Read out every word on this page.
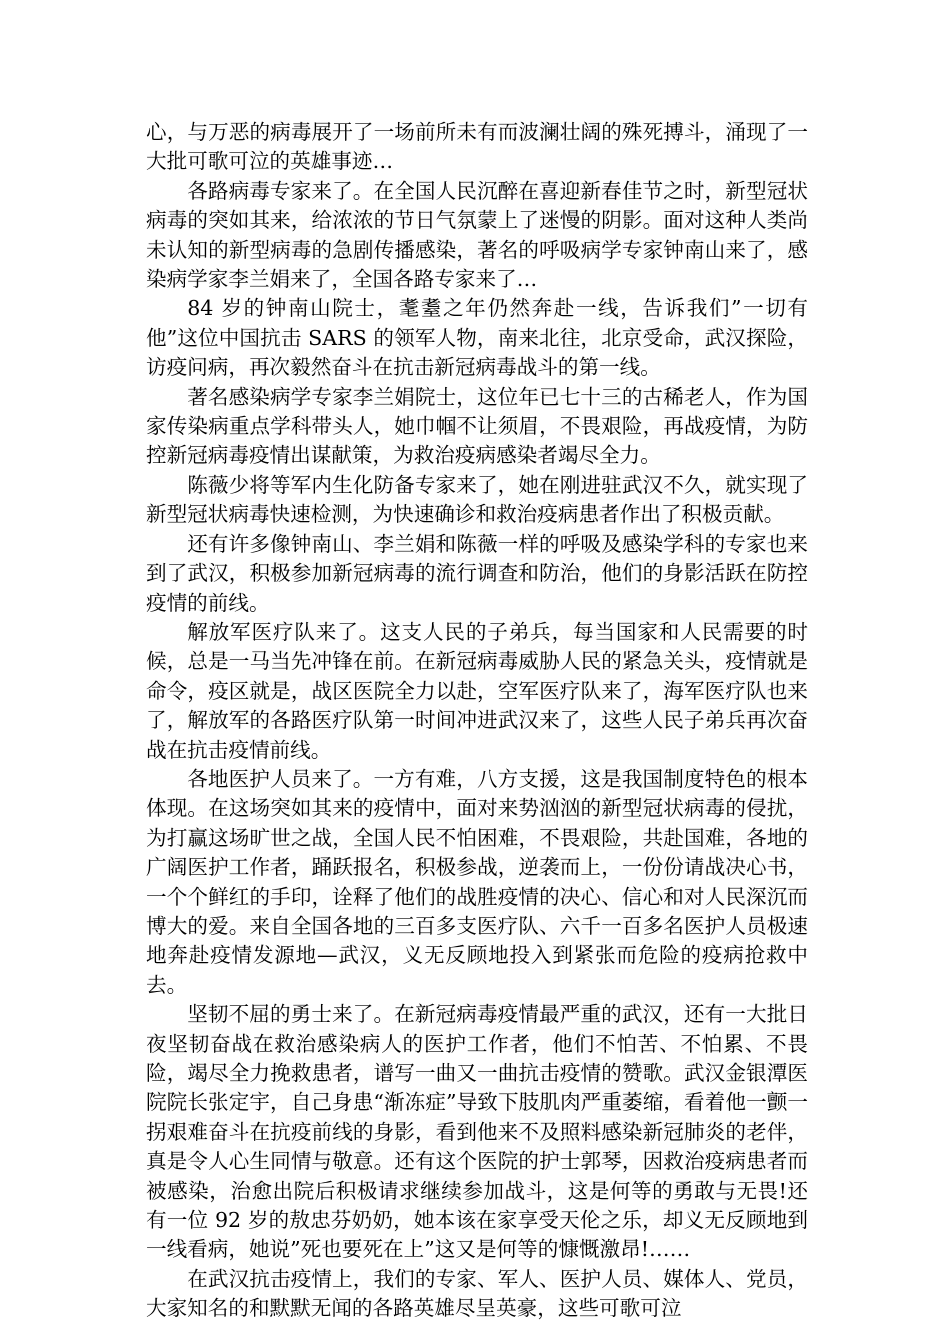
心，与万恶的病毒展开了一场前所未有而波澜壮阔的殊死搏斗，涌现了一大批可歌可泣的英雄事迹…

各路病毒专家来了。在全国人民沉醉在喜迎新春佳节之时，新型冠状病毒的突如其来，给浓浓的节日气氛蒙上了迷慢的阴影。面对这种人类尚未认知的新型病毒的急剧传播感染，著名的呼吸病学专家钟南山来了，感染病学家李兰娟来了，全国各路专家来了…

84 岁的钟南山院士，耄耋之年仍然奔赴一线，告诉我们”一切有他”这位中国抗击 SARS 的领军人物，南来北往，北京受命，武汉探险，访疫问病，再次毅然奋斗在抗击新冠病毒战斗的第一线。

著名感染病学专家李兰娟院士，这位年已七十三的古稀老人，作为国家传染病重点学科带头人，她巾帼不让须眉，不畏艰险，再战疫情，为防控新冠病毒疫情出谋献策，为救治疫病感染者竭尽全力。

陈薇少将等军内生化防备专家来了，她在刚进驻武汉不久，就实现了新型冠状病毒快速检测，为快速确诊和救治疫病患者作出了积极贡献。

还有许多像钟南山、李兰娟和陈薇一样的呼吸及感染学科的专家也来到了武汉，积极参加新冠病毒的流行调查和防治，他们的身影活跃在防控疫情的前线。

解放军医疗队来了。这支人民的子弟兵，每当国家和人民需要的时候，总是一马当先冲锋在前。在新冠病毒威胁人民的紧急关头，疫情就是命令，疫区就是，战区医院全力以赴，空军医疗队来了，海军医疗队也来了，解放军的各路医疗队第一时间冲进武汉来了，这些人民子弟兵再次奋战在抗击疫情前线。

各地医护人员来了。一方有难，八方支援，这是我国制度特色的根本体现。在这场突如其来的疫情中，面对来势汹汹的新型冠状病毒的侵扰，为打赢这场旷世之战，全国人民不怕困难，不畏艰险，共赴国难，各地的广阔医护工作者，踊跃报名，积极参战，逆袭而上，一份份请战决心书，一个个鲜红的手印，诠释了他们的战胜疫情的决心、信心和对人民深沉而博大的爱。来自全国各地的三百多支医疗队、六千一百多名医护人员极速地奔赴疫情发源地—武汉，义无反顾地投入到紧张而危险的疫病抢救中去。

坚韧不屈的勇士来了。在新冠病毒疫情最严重的武汉，还有一大批日夜坚韧奋战在救治感染病人的医护工作者，他们不怕苦、不怕累、不畏险，竭尽全力挽救患者，谱写一曲又一曲抗击疫情的赞歌。武汉金银潭医院院长张定宇，自己身患“渐冻症”导致下肢肌肉严重萎缩，看着他一颤一拐艰难奋斗在抗疫前线的身影，看到他来不及照料感染新冠肺炎的老伴，真是令人心生同情与敬意。还有这个医院的护士郭琴，因救治疫病患者而被感染，治愈出院后积极请求继续参加战斗，这是何等的勇敢与无畏!还有一位 92 岁的敖忠芬奶奶，她本该在家享受天伦之乐，却义无反顾地到一线看病，她说”死也要死在上”这又是何等的慷慨激昂!……

在武汉抗击疫情上，我们的专家、军人、医护人员、媒体人、党员，大家知名的和默默无闻的各路英雄尽呈英豪，这些可歌可泣
